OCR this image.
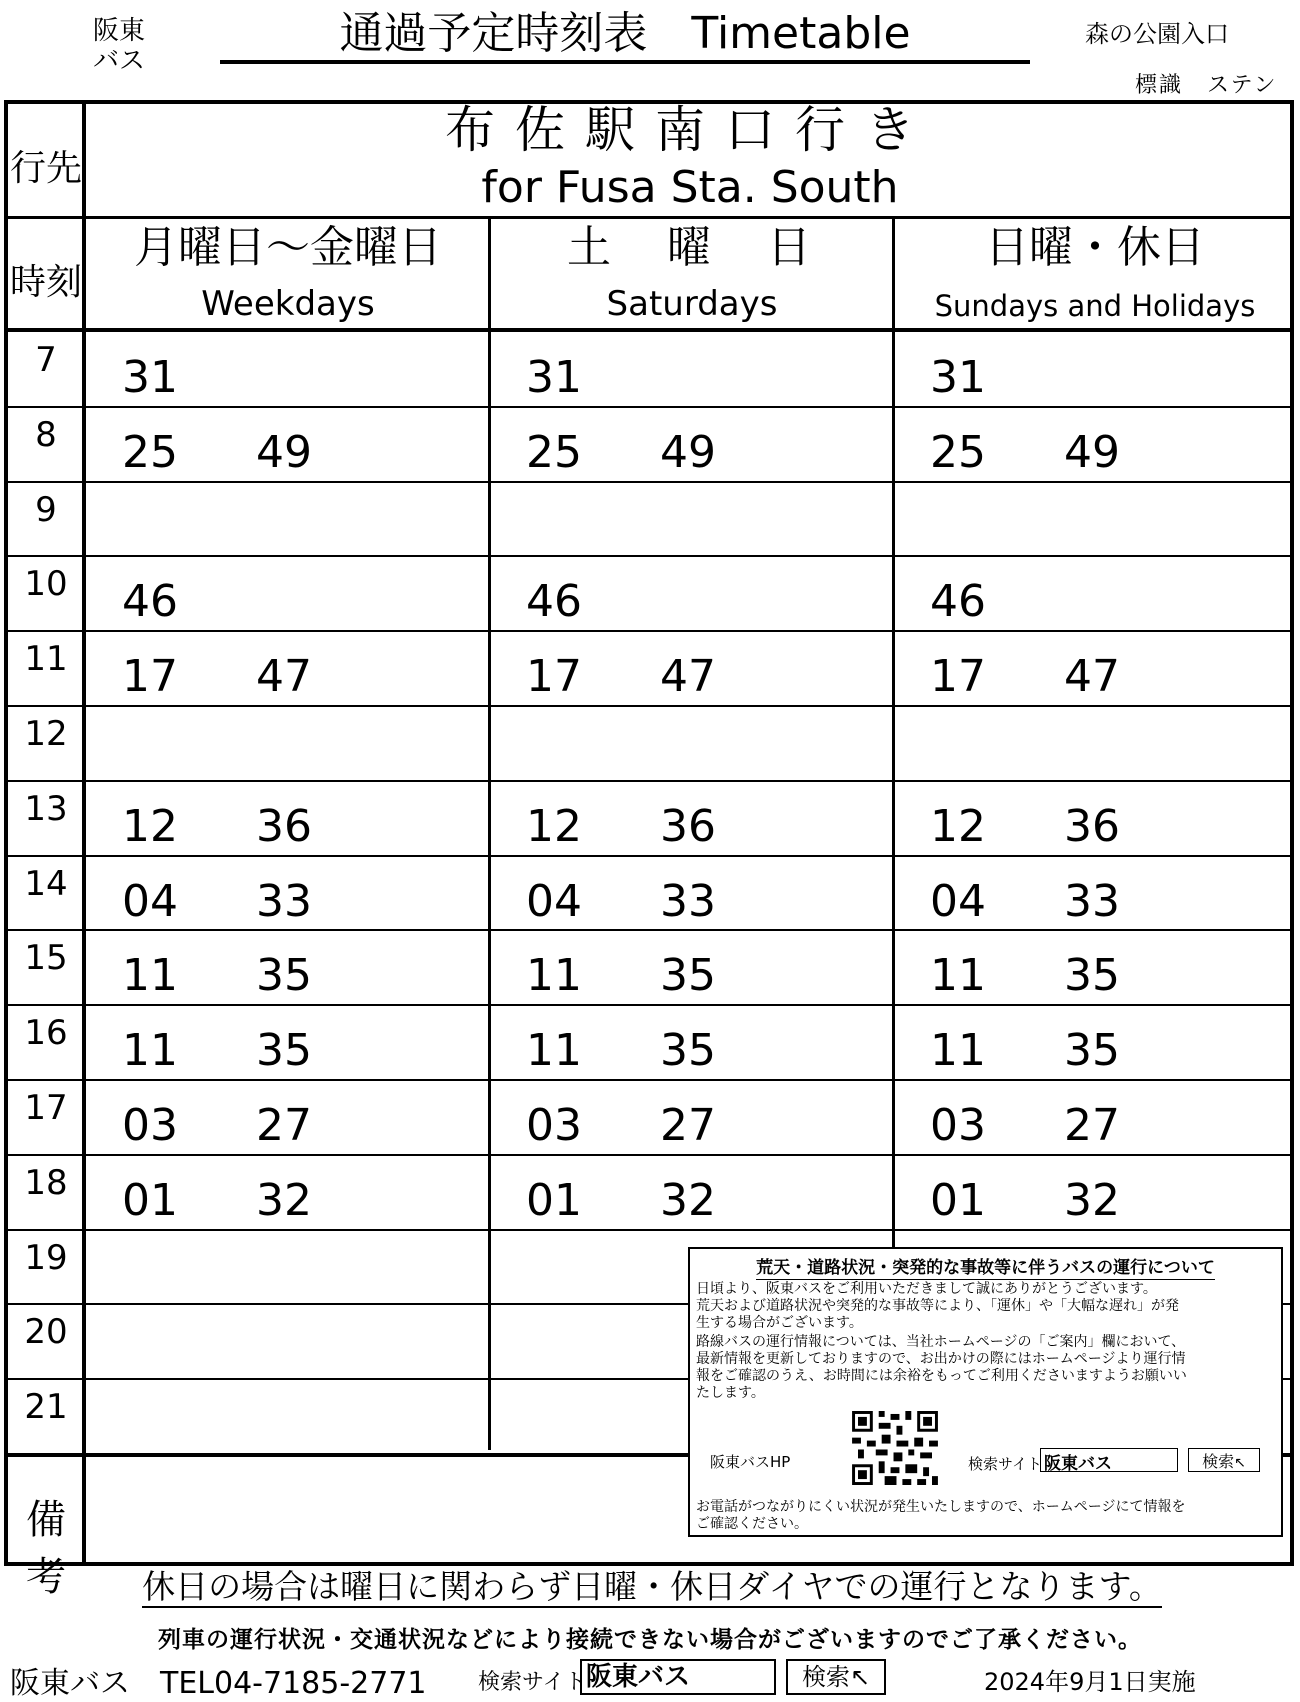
阪東バス
通過予定時刻表　Timetable	森の公園入口
標識　ステン
行先
時刻
備考
布佐駅南口行き
for Fusa Sta. South
月曜日～金曜日
Weekdays
土　曜　日
Saturdays
日曜・休日
Sundays and Holidays
7	31	31	31
8	25 49	25 49	25 49
9
10	46	46	46
11	17 47	17 47	17 47
12
13	12 36	12 36	12 36
14	04 33	04 33	04 33
15	11 35	11 35	11 35
16	11 35	11 35	11 35
17	03 27	03 27	03 27
18	01 32	01 32	01 32
19
20
21
荒天・道路状況・突発的な事故等に伴うバスの運行について
日頃より、阪東バスをご利用いただきまして誠にありがとうございます。
荒天および道路状況や突発的な事故等により、「運休」や「大幅な遅れ」が発
生する場合がございます。
路線バスの運行情報については、当社ホームページの「ご案内」欄において、
最新情報を更新しておりますので、お出かけの際にはホームページより運行情
報をご確認のうえ、お時間には余裕をもってご利用くださいますようお願いい
たします。
阪東バスHP	検索サイト 阪東バス	検索↖
お電話がつながりにくい状況が発生いたしますので、ホームページにて情報を
ご確認ください。
休日の場合は曜日に関わらず日曜・休日ダイヤでの運行となります。
列車の運行状況・交通状況などにより接続できない場合がございますのでご了承ください。
阪東バス　TEL04-7185-2771 検索サイト 阪東バス	検索↖	2024年9月1日実施
